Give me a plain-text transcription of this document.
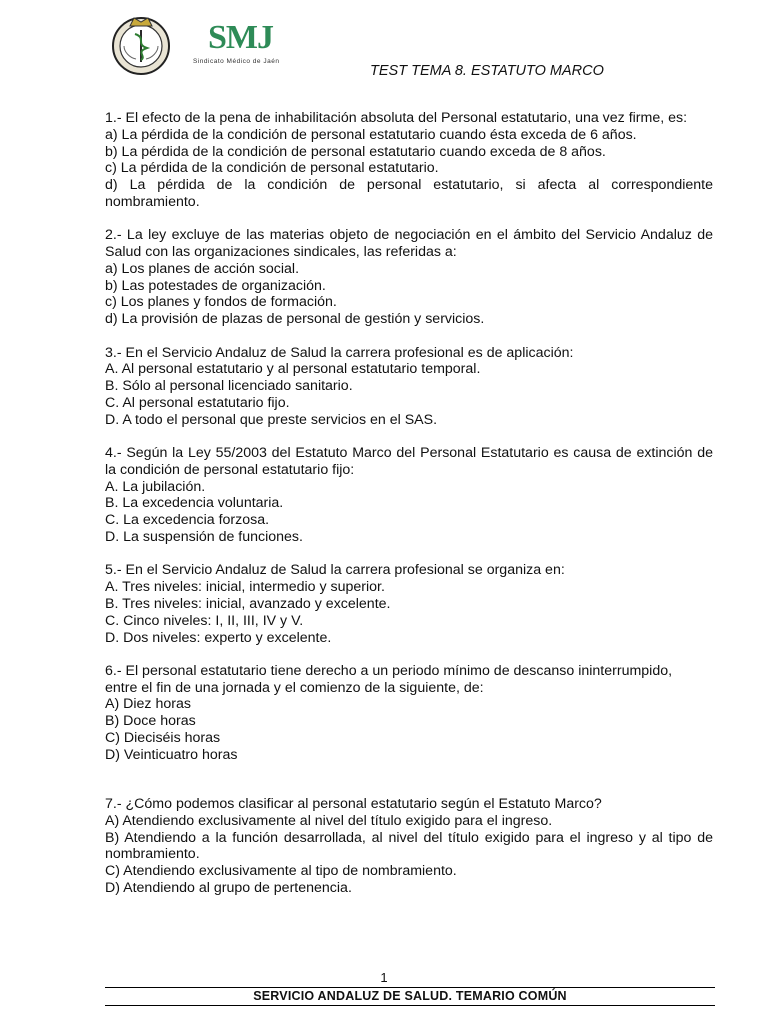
SMJ
Sindicato Médico de Jaén
TEST TEMA 8. ESTATUTO MARCO

1.- El efecto de la pena de inhabilitación absoluta del Personal estatutario, una vez firme, es:

a) La pérdida de la condición de personal estatutario cuando ésta exceda de 6 años.

b) La pérdida de la condición de personal estatutario cuando exceda de 8 años.

c) La pérdida de la condición de personal estatutario.

d) La pérdida de la condición de personal estatutario, si afecta al correspondiente nombramiento.

2.- La ley excluye de las materias objeto de negociación en el ámbito del Servicio Andaluz de Salud con las organizaciones sindicales, las referidas a:

a) Los planes de acción social.

b) Las potestades de organización.

c) Los planes y fondos de formación.

d) La provisión de plazas de personal de gestión y servicios.

3.- En el Servicio Andaluz de Salud la carrera profesional es de aplicación:

A. Al personal estatutario y al personal estatutario temporal.

B. Sólo al personal licenciado sanitario.

C. Al personal estatutario fijo.

D. A todo el personal que preste servicios en el SAS.

4.- Según la Ley 55/2003 del Estatuto Marco del Personal Estatutario es causa de extinción de la condición de personal estatutario fijo:

A. La jubilación.

B. La excedencia voluntaria.

C. La excedencia forzosa.

D. La suspensión de funciones.

5.- En el Servicio Andaluz de Salud la carrera profesional se organiza en:

A. Tres niveles: inicial, intermedio y superior.

B. Tres niveles: inicial, avanzado y excelente.

C. Cinco niveles: I, II, III, IV y V.

D. Dos niveles: experto y excelente.

6.- El personal estatutario tiene derecho a un periodo mínimo de descanso ininterrumpido,

entre el fin de una jornada y el comienzo de la siguiente, de:

A) Diez horas

B) Doce horas

C) Dieciséis horas

D) Veinticuatro horas

7.- ¿Cómo podemos clasificar al personal estatutario según el Estatuto Marco?

A) Atendiendo exclusivamente al nivel del título exigido para el ingreso.

B) Atendiendo a la función desarrollada, al nivel del título exigido para el ingreso y al tipo de nombramiento.

C) Atendiendo exclusivamente al tipo de nombramiento.

D) Atendiendo al grupo de pertenencia.

1
SERVICIO ANDALUZ DE SALUD. TEMARIO COMÚN
